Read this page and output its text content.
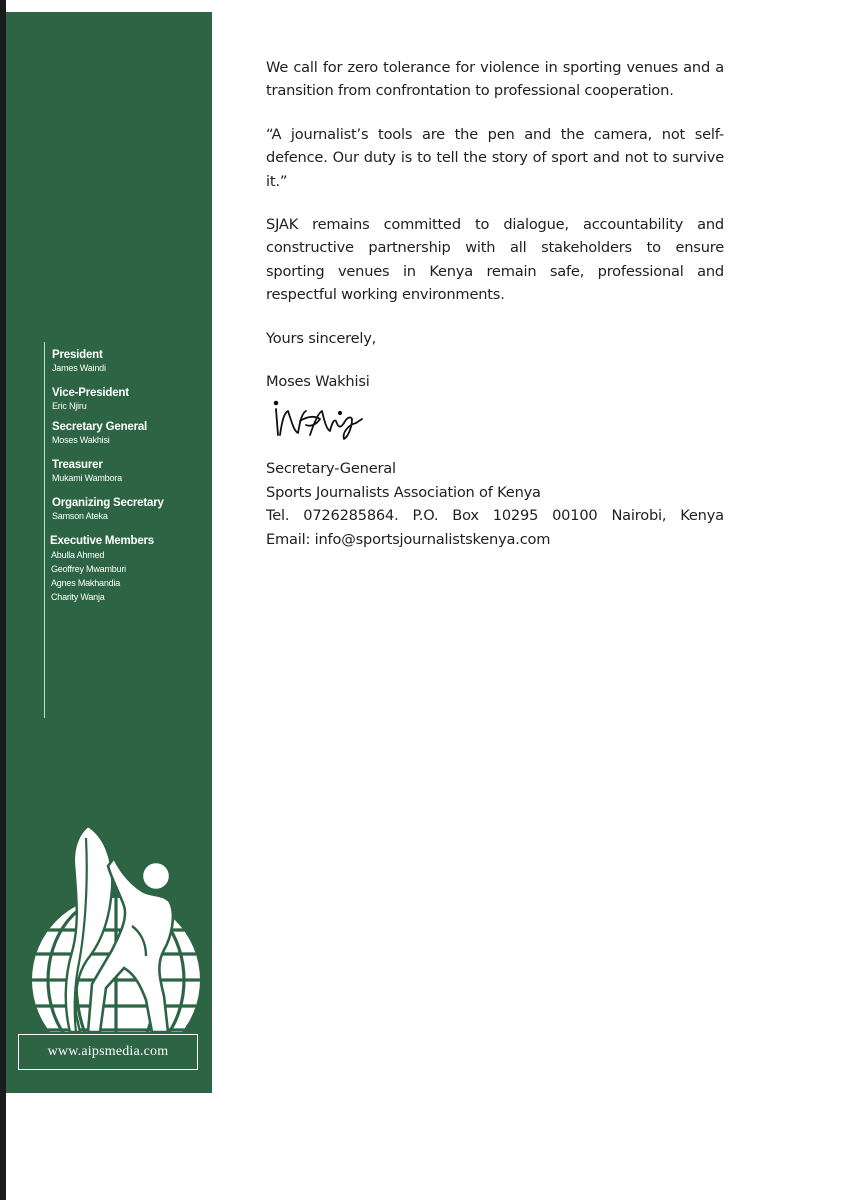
President
James Waindi
Vice-President
Eric Njiru
Secretary General
Moses Wakhisi
Treasurer
Mukami Wambora
Organizing Secretary
Samson Ateka
Executive Members
Abulla Ahmed
Geoffrey Mwamburi
Agnes Makhandia
Charity Wanja
www.aipsmedia.com

We call for zero tolerance for violence in sporting venues and a transition from confrontation to professional cooperation.

“A journalist’s tools are the pen and the camera, not self-defence. Our duty is to tell the story of sport and not to survive it.”

SJAK remains committed to dialogue, accountability and constructive partnership with all stakeholders to ensure sporting venues in Kenya remain safe, professional and respectful working environments.

Yours sincerely,
Moses Wakhisi
Secretary-General
Sports Journalists Association of Kenya
Tel. 0726285864. P.O. Box 10295 00100 Nairobi, Kenya
Email: info@sportsjournalistskenya.com
